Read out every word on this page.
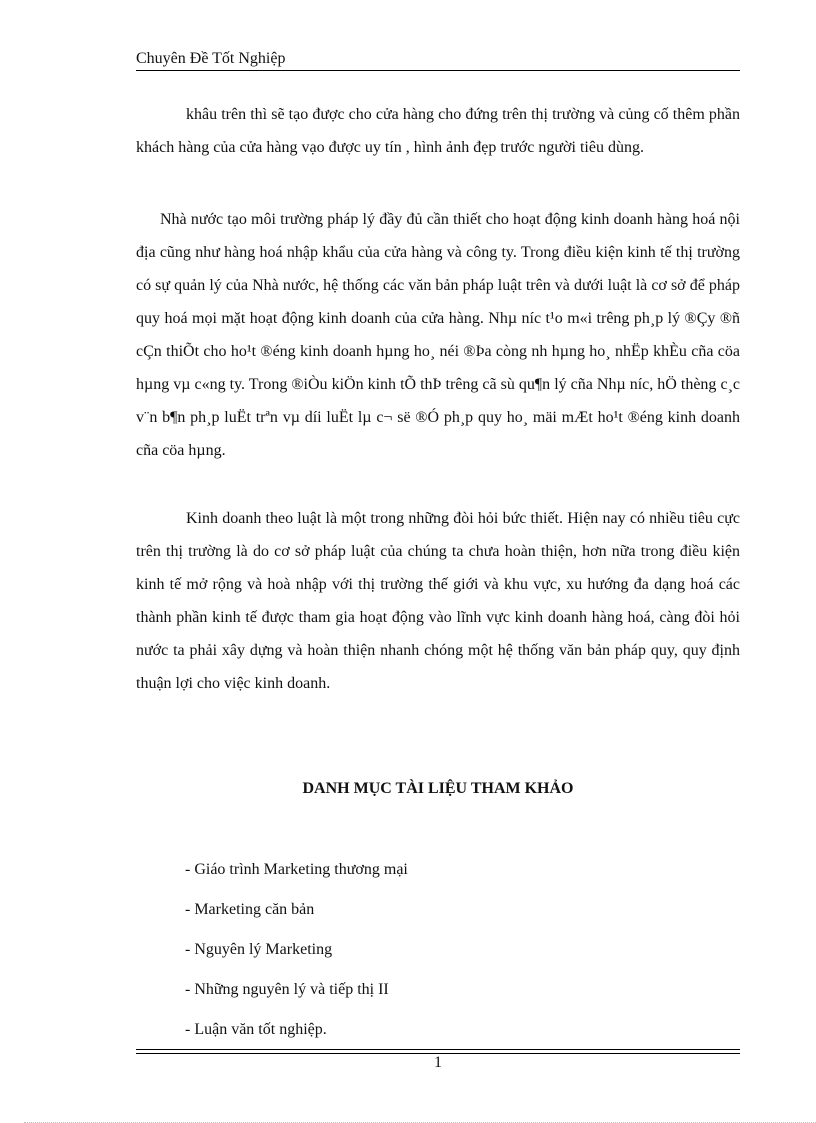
Chuyên Đề Tốt Nghiệp

khâu trên thì sẽ tạo được cho cửa hàng cho đứng trên thị trường và củng cố thêm phần khách hàng của cửa hàng vạo được uy tín , hình ảnh đẹp trước người tiêu dùng.

Nhà nước tạo môi trường pháp lý đầy đủ cần thiết cho hoạt động kinh doanh hàng hoá nội địa cũng như hàng hoá nhập khẩu của cửa hàng và công ty. Trong điều kiện kinh tế thị trường có sự quản lý của Nhà nước, hệ thống các văn bản pháp luật trên và dưới luật là cơ sở để pháp quy hoá mọi mặt hoạt động kinh doanh của cửa hàng. Nhµ níc t¹o m«i trêng ph¸p lý ®Çy ®ñ cÇn thiÕt cho ho¹t ®éng kinh doanh hµng ho¸ néi ®Þa còng nh hµng ho¸ nhËp khÈu cña cöa hµng vµ c«ng ty. Trong ®iÒu kiÖn kinh tÕ thÞ trêng cã sù qu¶n lý cña Nhµ níc, hÖ thèng c¸c v¨n b¶n ph¸p luËt trªn vµ díi luËt lµ c¬ së ®Ó ph¸p quy ho¸ mäi mÆt ho¹t ®éng kinh doanh cña cöa hµng.

Kinh doanh theo luật là một trong những đòi hỏi bức thiết. Hiện nay có nhiều tiêu cực trên thị trường là do cơ sở pháp luật của chúng ta chưa hoàn thiện, hơn nữa trong điều kiện kinh tế mở rộng và hoà nhập với thị trường thế giới và khu vực, xu hướng đa dạng hoá các thành phần kinh tế được tham gia hoạt động vào lĩnh vực kinh doanh hàng hoá, càng đòi hỏi nước ta phải xây dựng và hoàn thiện nhanh chóng một hệ thống văn bản pháp quy, quy định thuận lợi cho việc kinh doanh.

DANH MỤC TÀI LIỆU THAM KHẢO
- Giáo trình Marketing thương mại
- Marketing căn bản
- Nguyên lý Marketing
- Những nguyên lý và tiếp thị II
- Luận văn tốt nghiệp.
1
